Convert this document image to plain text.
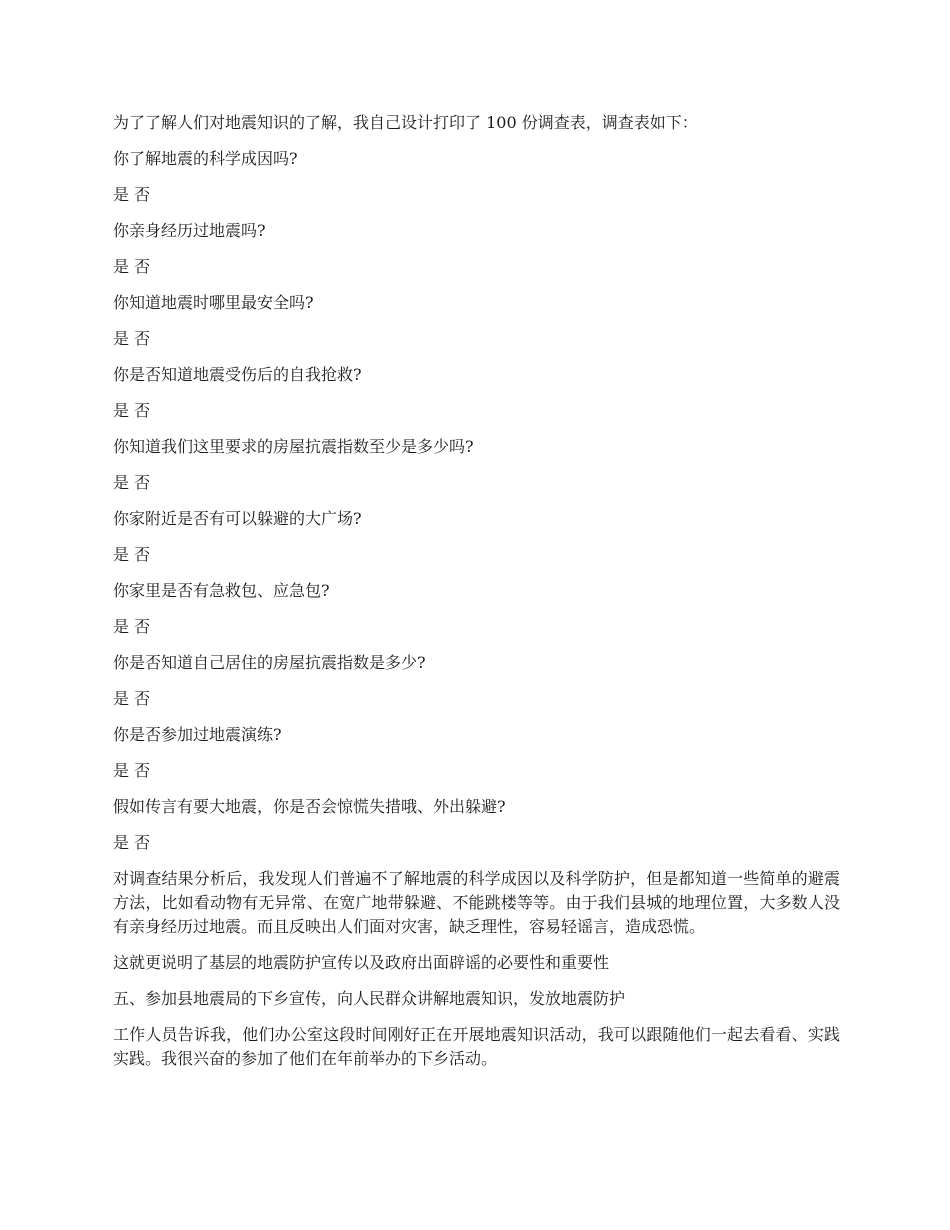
为了了解人们对地震知识的了解，我自己设计打印了 100 份调查表，调查表如下：

你了解地震的科学成因吗?

是 否

你亲身经历过地震吗?

是 否

你知道地震时哪里最安全吗?

是 否

你是否知道地震受伤后的自我抢救?

是 否

你知道我们这里要求的房屋抗震指数至少是多少吗?

是 否

你家附近是否有可以躲避的大广场?

是 否

你家里是否有急救包、应急包?

是 否

你是否知道自己居住的房屋抗震指数是多少?

是 否

你是否参加过地震演练?

是 否

假如传言有要大地震，你是否会惊慌失措哦、外出躲避?

是 否

对调查结果分析后，我发现人们普遍不了解地震的科学成因以及科学防护，但是都知道一些简单的避震方法，比如看动物有无异常、在宽广地带躲避、不能跳楼等等。由于我们县城的地理位置，大多数人没有亲身经历过地震。而且反映出人们面对灾害，缺乏理性，容易轻谣言，造成恐慌。

这就更说明了基层的地震防护宣传以及政府出面辟谣的必要性和重要性

五、参加县地震局的下乡宣传，向人民群众讲解地震知识，发放地震防护

工作人员告诉我，他们办公室这段时间刚好正在开展地震知识活动，我可以跟随他们一起去看看、实践实践。我很兴奋的参加了他们在年前举办的下乡活动。
